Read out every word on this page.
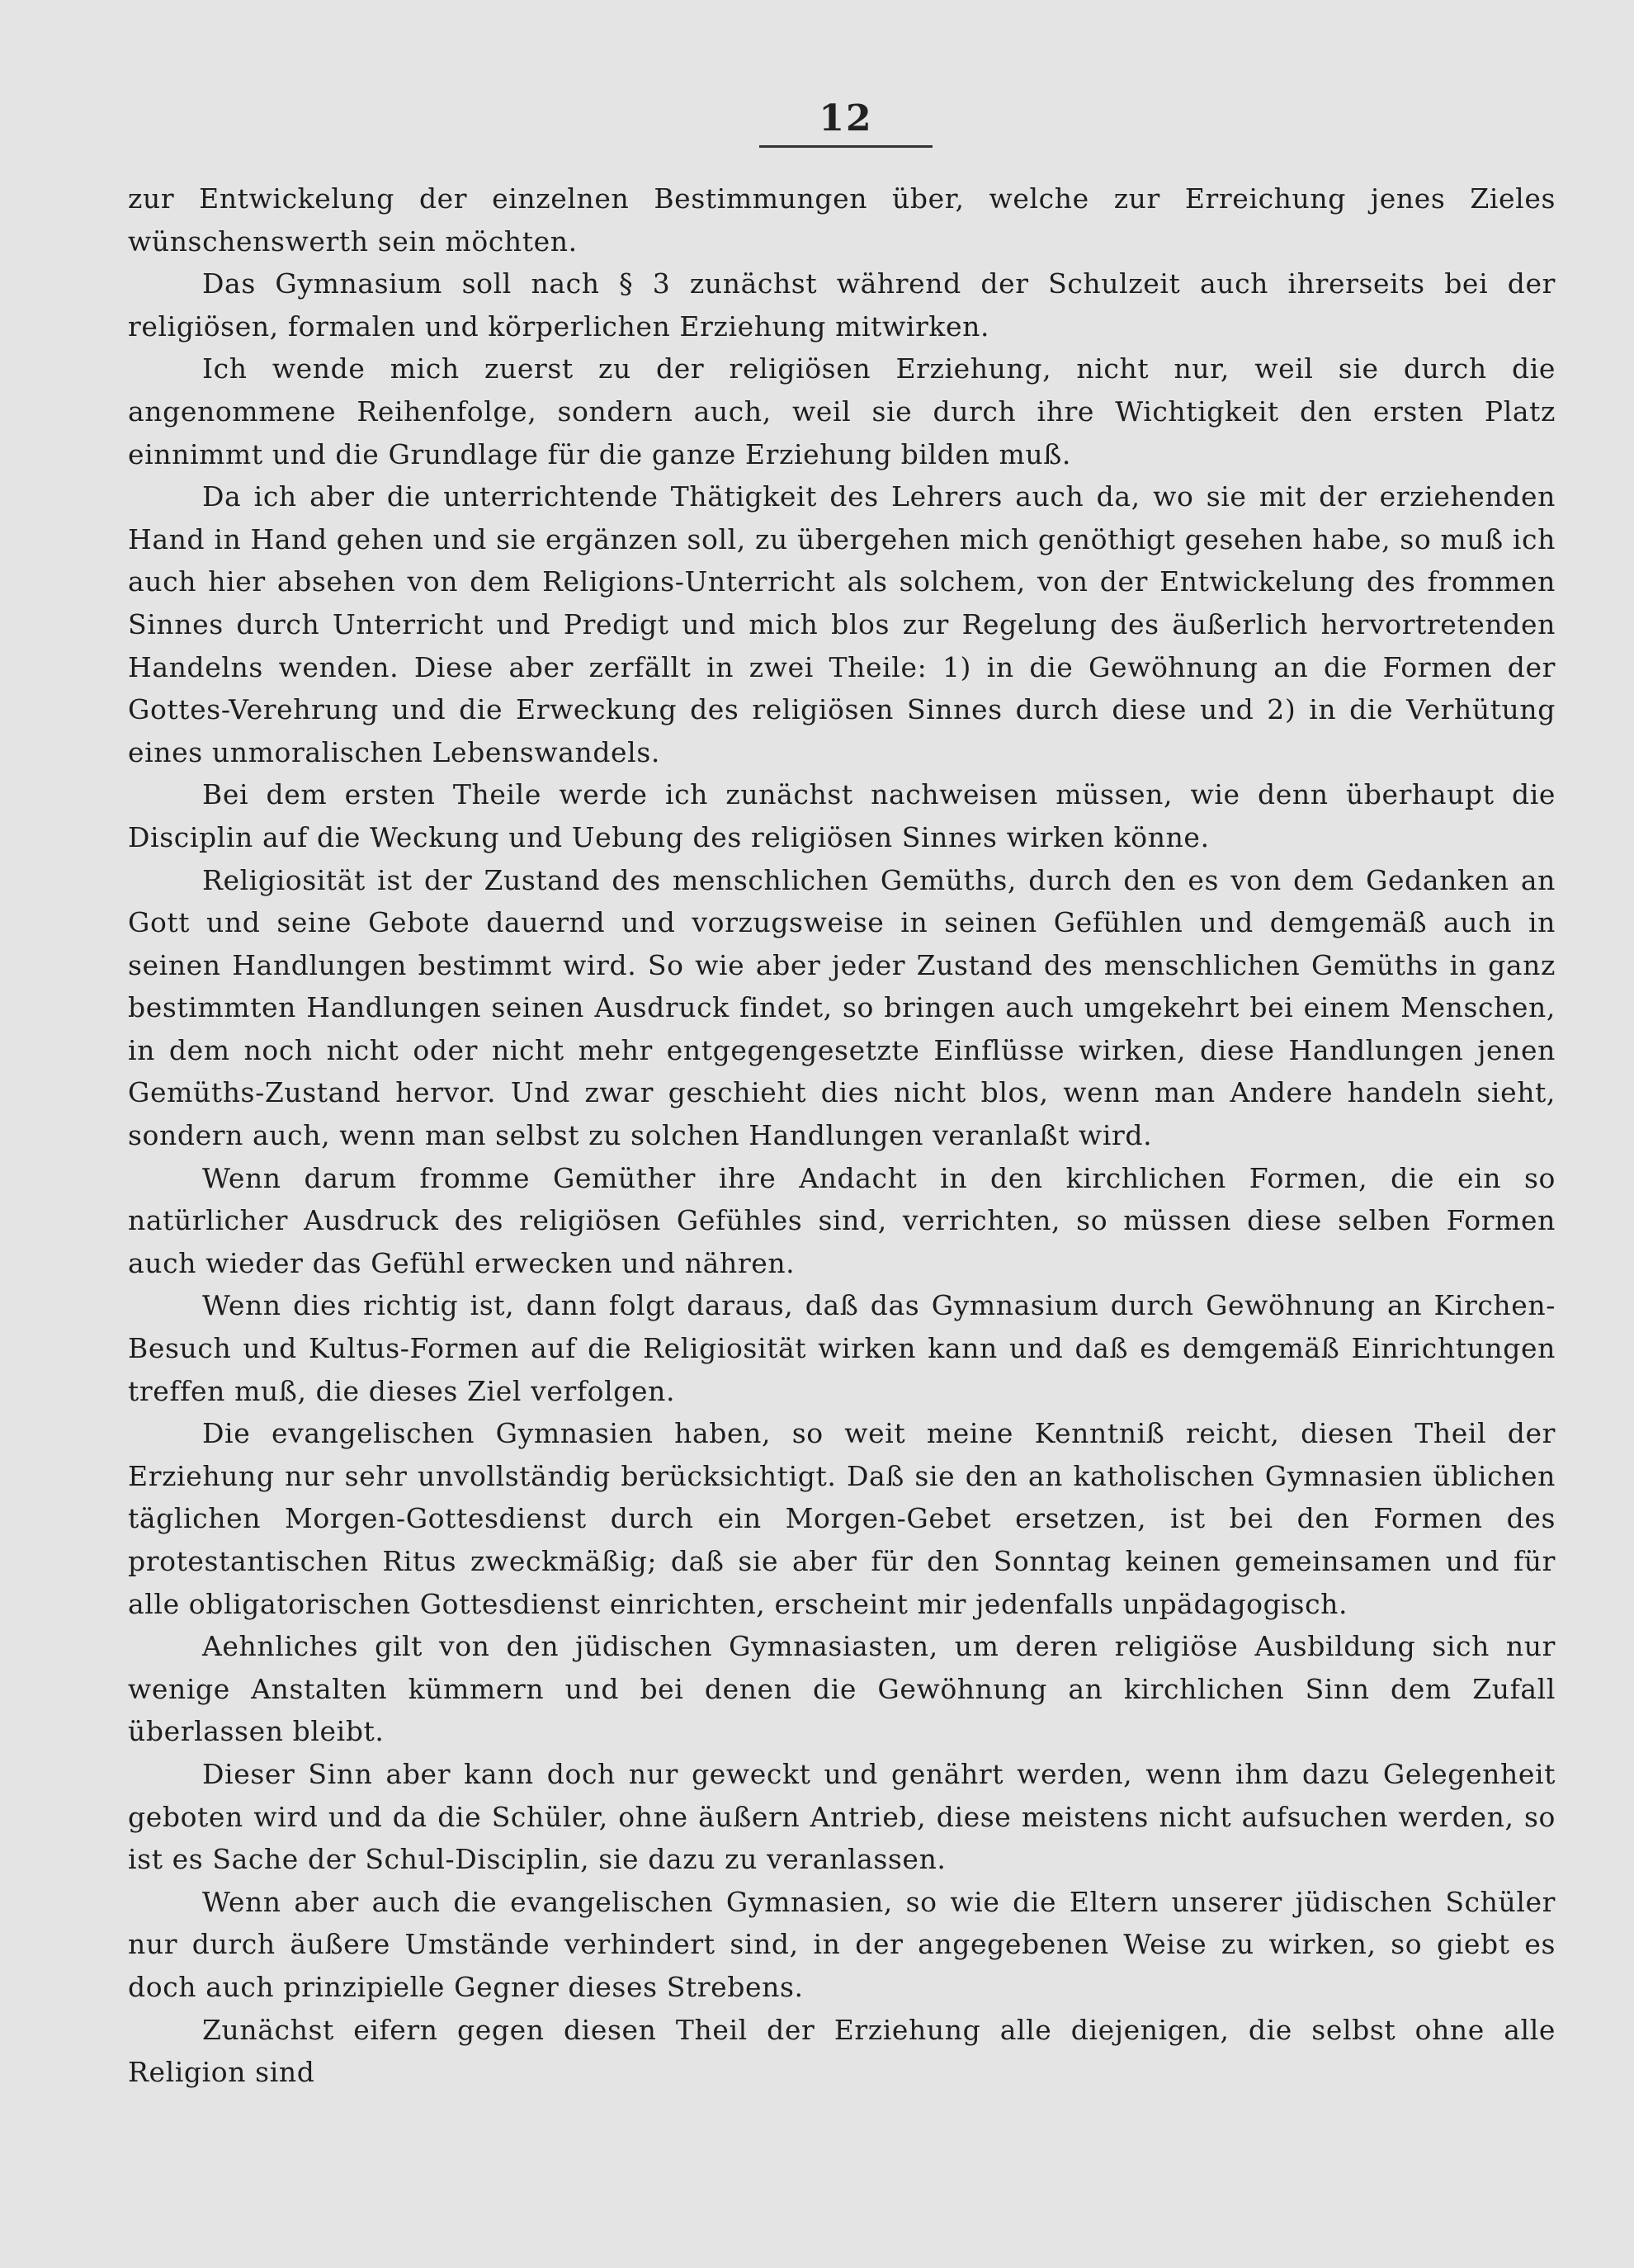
12

zur Entwickelung der einzelnen Bestimmungen über, welche zur Erreichung jenes Zieles wünschenswerth sein möchten.

Das Gymnasium soll nach § 3 zunächst während der Schulzeit auch ihrerseits bei der religiösen, formalen und körperlichen Erziehung mitwirken.

Ich wende mich zuerst zu der religiösen Erziehung, nicht nur, weil sie durch die angenommene Reihenfolge, sondern auch, weil sie durch ihre Wichtigkeit den ersten Platz einnimmt und die Grundlage für die ganze Erziehung bilden muß.

Da ich aber die unterrichtende Thätigkeit des Lehrers auch da, wo sie mit der erziehenden Hand in Hand gehen und sie ergänzen soll, zu übergehen mich genöthigt gesehen habe, so muß ich auch hier absehen von dem Religions-Unterricht als solchem, von der Entwickelung des frommen Sinnes durch Unterricht und Predigt und mich blos zur Regelung des äußerlich hervortretenden Handelns wenden. Diese aber zerfällt in zwei Theile: 1) in die Gewöhnung an die Formen der Gottes-Verehrung und die Erweckung des religiösen Sinnes durch diese und 2) in die Verhütung eines unmoralischen Lebenswandels.

Bei dem ersten Theile werde ich zunächst nachweisen müssen, wie denn überhaupt die Disciplin auf die Weckung und Uebung des religiösen Sinnes wirken könne.

Religiosität ist der Zustand des menschlichen Gemüths, durch den es von dem Gedanken an Gott und seine Gebote dauernd und vorzugsweise in seinen Gefühlen und demgemäß auch in seinen Handlungen bestimmt wird. So wie aber jeder Zustand des menschlichen Gemüths in ganz bestimmten Handlungen seinen Ausdruck findet, so bringen auch umgekehrt bei einem Menschen, in dem noch nicht oder nicht mehr entgegengesetzte Einflüsse wirken, diese Handlungen jenen Gemüths-Zustand hervor. Und zwar geschieht dies nicht blos, wenn man Andere handeln sieht, sondern auch, wenn man selbst zu solchen Handlungen veranlaßt wird.

Wenn darum fromme Gemüther ihre Andacht in den kirchlichen Formen, die ein so natürlicher Ausdruck des religiösen Gefühles sind, verrichten, so müssen diese selben Formen auch wieder das Gefühl erwecken und nähren.

Wenn dies richtig ist, dann folgt daraus, daß das Gymnasium durch Gewöhnung an Kirchen-Besuch und Kultus-Formen auf die Religiosität wirken kann und daß es demgemäß Einrichtungen treffen muß, die dieses Ziel verfolgen.

Die evangelischen Gymnasien haben, so weit meine Kenntniß reicht, diesen Theil der Erziehung nur sehr unvollständig berücksichtigt. Daß sie den an katholischen Gymnasien üblichen täglichen Morgen-Gottesdienst durch ein Morgen-Gebet ersetzen, ist bei den Formen des protestantischen Ritus zweckmäßig; daß sie aber für den Sonntag keinen gemeinsamen und für alle obligatorischen Gottesdienst einrichten, erscheint mir jedenfalls unpädagogisch.

Aehnliches gilt von den jüdischen Gymnasiasten, um deren religiöse Ausbildung sich nur wenige Anstalten kümmern und bei denen die Gewöhnung an kirchlichen Sinn dem Zufall überlassen bleibt.

Dieser Sinn aber kann doch nur geweckt und genährt werden, wenn ihm dazu Gelegenheit geboten wird und da die Schüler, ohne äußern Antrieb, diese meistens nicht aufsuchen werden, so ist es Sache der Schul-Disciplin, sie dazu zu veranlassen.

Wenn aber auch die evangelischen Gymnasien, so wie die Eltern unserer jüdischen Schüler nur durch äußere Umstände verhindert sind, in der angegebenen Weise zu wirken, so giebt es doch auch prinzipielle Gegner dieses Strebens.

Zunächst eifern gegen diesen Theil der Erziehung alle diejenigen, die selbst ohne alle Religion sind
